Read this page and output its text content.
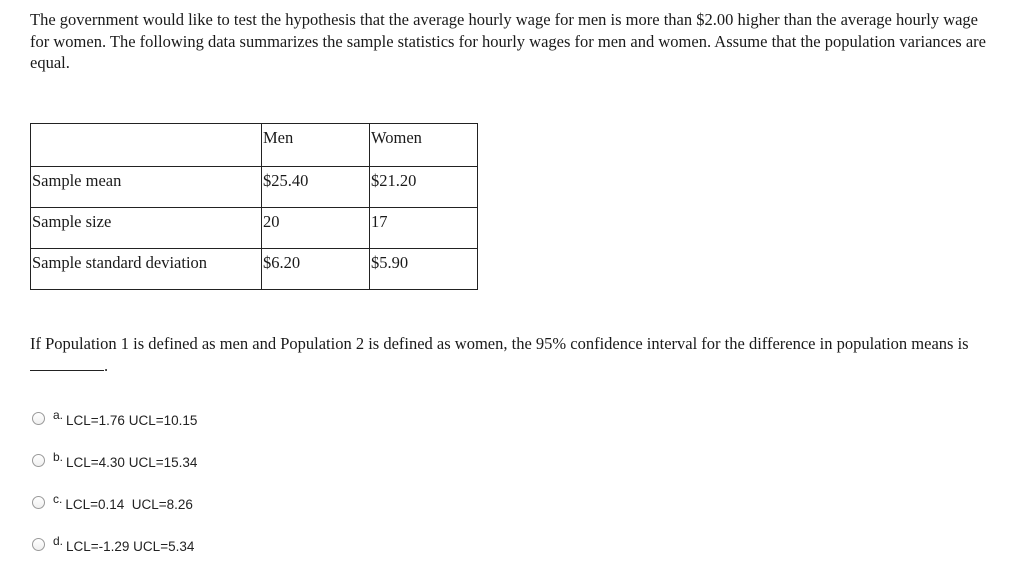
The government would like to test the hypothesis that the average hourly wage for men is more than $2.00 higher than the average hourly wage for women. The following data summarizes the sample statistics for hourly wages for men and women. Assume that the population variances are equal.
	Men	Women
Sample mean	$25.40	$21.20
Sample size	20	17
Sample standard deviation	$6.20	$5.90
If Population 1 is defined as men and Population 2 is defined as women, the 95% confidence interval for the difference in population means is .
a. LCL=1.76 UCL=10.15
b. LCL=4.30 UCL=15.34
c. LCL=0.14  UCL=8.26
d. LCL=-1.29 UCL=5.34
